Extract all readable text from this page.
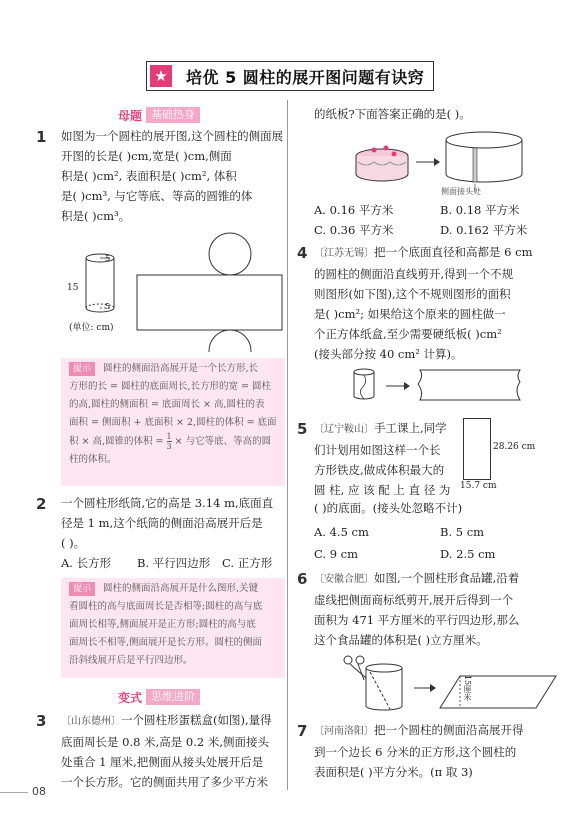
★ 培优 5 圆柱的展开图问题有诀窍
母题 基础热身
1 如图为一个圆柱的展开图,这个圆柱的侧面展
开图的长是( )cm,宽是( )cm,侧面
积是( )cm², 表面积是( )cm², 体积
是( )cm³, 与它等底、等高的圆锥的体
积是( )cm³。
5
5
15
(单位: cm)
提示 圆柱的侧面沿高展开是一个长方形,长
方形的长 = 圆柱的底面周长,长方形的宽 = 圆柱
的高,圆柱的侧面积 = 底面周长 × 高,圆柱的表
面积 = 侧面积 + 底面积 × 2,圆柱的体积 = 底面
积 × 高,圆锥的体积 = $\frac{1}{3}$ × 与它等底、等高的圆
柱的体积。
2 一个圆柱形纸筒,它的高是 3.14 m,底面直
径是 1 m,这个纸筒的侧面沿高展开后是
( )。
A. 长方形 B. 平行四边形 C. 正方形
提示 圆柱的侧面沿高展开是什么图形,关键
看圆柱的高与底面周长是否相等;圆柱的高与底
面周长相等,侧面展开是正方形;圆柱的高与底
面周长不相等,侧面展开是长方形。圆柱的侧面
沿斜线展开后是平行四边形。
变式 思维进阶
3 〔山东德州〕一个圆柱形蛋糕盒(如图),量得
底面周长是 0.8 米,高是 0.2 米,侧面接头
处重合 1 厘米,把侧面从接头处展开后是
一个长方形。它的侧面共用了多少平方米
08
的纸板?下面答案正确的是( )。
侧面接头处
A. 0.16 平方米	B. 0.18 平方米
C. 0.36 平方米	D. 0.162 平方米
4 〔江苏无锡〕把一个底面直径和高都是 6 cm
的圆柱的侧面沿直线剪开,得到一个不规
则图形(如下图),这个不规则图形的面积
是( )cm²; 如果给这个原来的圆柱做一
个正方体纸盒,至少需要硬纸板( )cm²
(接头部分按 40 cm² 计算)。
5 〔辽宁鞍山〕手工课上,同学
们计划用如图这样一个长
方形铁皮,做成体积最大的
圆 柱, 应 该 配 上 直 径 为
( )的底面。(接头处忽略不计)
28.26 cm
15.7 cm
A. 4.5 cm	B. 5 cm
C. 9 cm	D. 2.5 cm
6 〔安徽合肥〕如图,一个圆柱形食品罐,沿着
虚线把侧面商标纸剪开,展开后得到一个
面积为 471 平方厘米的平行四边形,那么
这个食品罐的体积是( )立方厘米。
15厘米
7 〔河南洛阳〕把一个圆柱的侧面沿高展开得
到一个边长 6 分米的正方形,这个圆柱的
表面积是( )平方分米。(π 取 3)
